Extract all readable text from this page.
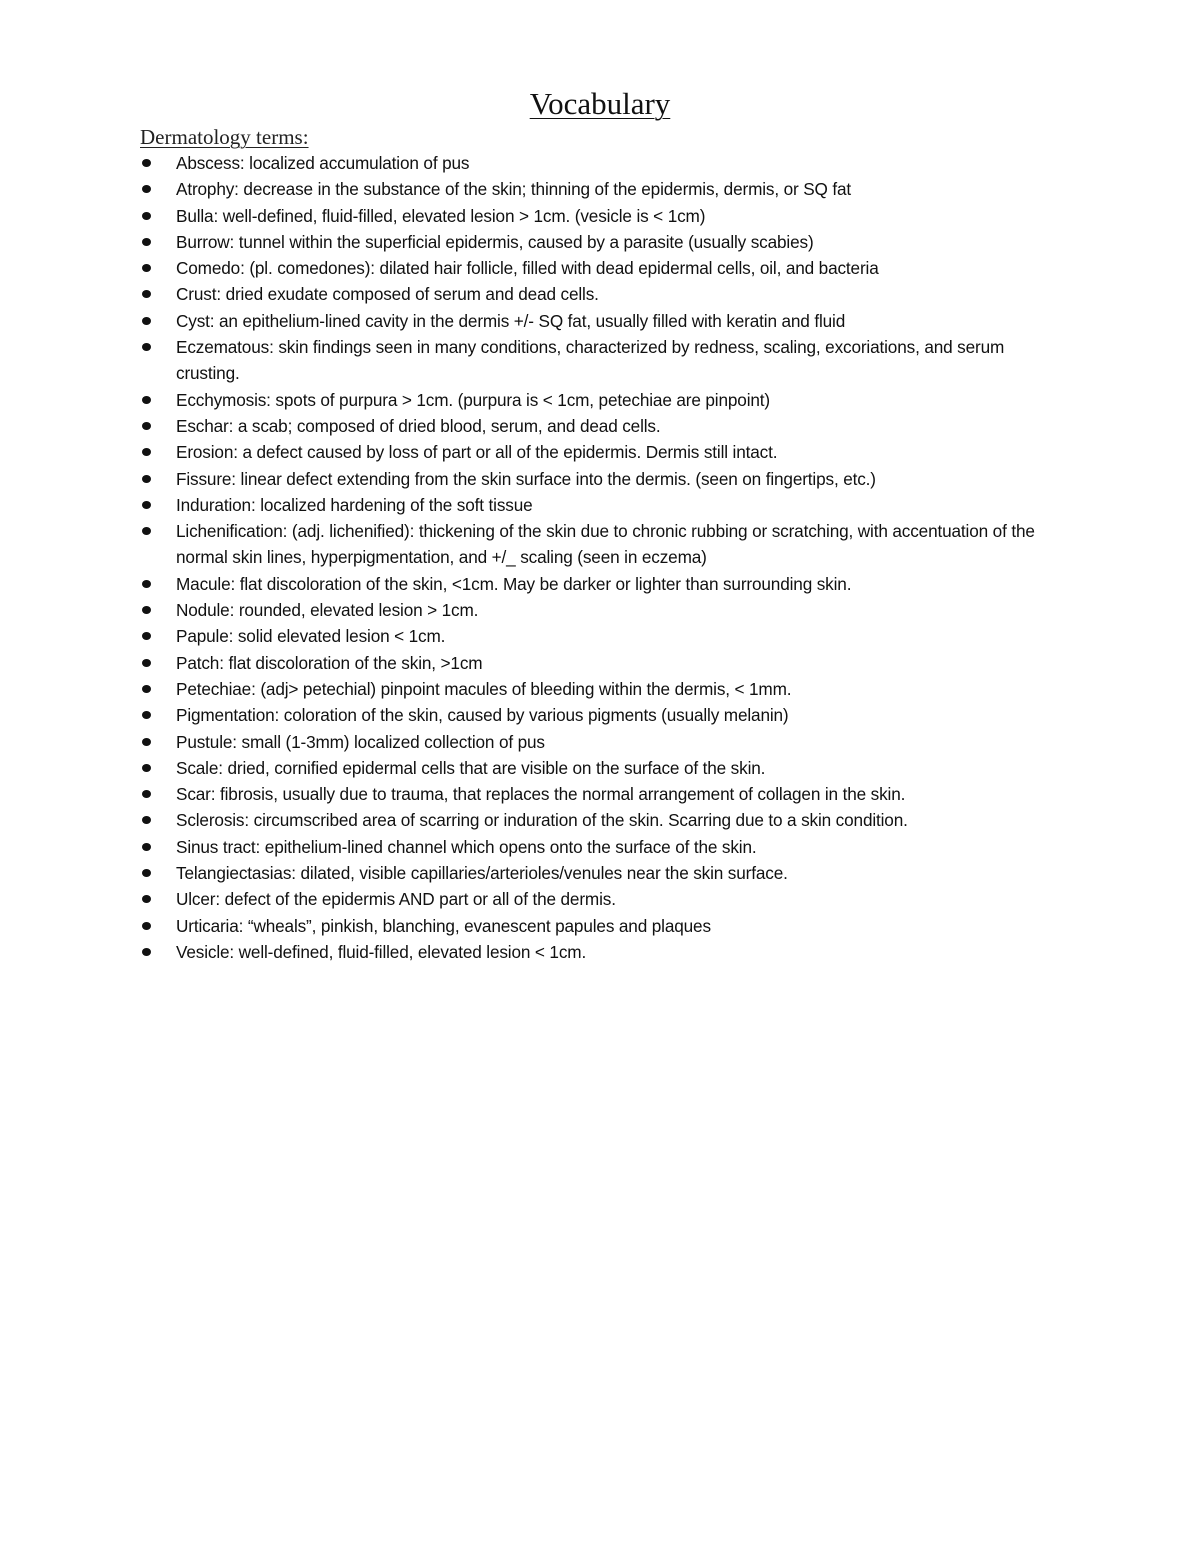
Vocabulary
Dermatology terms:
Abscess: localized accumulation of pus
Atrophy: decrease in the substance of the skin; thinning of the epidermis, dermis, or SQ fat
Bulla: well-defined, fluid-filled, elevated lesion > 1cm. (vesicle is < 1cm)
Burrow: tunnel within the superficial epidermis, caused by a parasite (usually scabies)
Comedo: (pl. comedones): dilated hair follicle, filled with dead epidermal cells, oil, and bacteria
Crust: dried exudate composed of serum and dead cells.
Cyst: an epithelium-lined cavity in the dermis +/- SQ fat, usually filled with keratin and fluid
Eczematous: skin findings seen in many conditions, characterized by redness, scaling, excoriations, and serum crusting.
Ecchymosis: spots of purpura > 1cm. (purpura is < 1cm, petechiae are pinpoint)
Eschar: a scab; composed of dried blood, serum, and dead cells.
Erosion: a defect caused by loss of part or all of the epidermis. Dermis still intact.
Fissure: linear defect extending from the skin surface into the dermis. (seen on fingertips, etc.)
Induration: localized hardening of the soft tissue
Lichenification: (adj. lichenified): thickening of the skin due to chronic rubbing or scratching, with accentuation of the normal skin lines, hyperpigmentation, and +/_ scaling (seen in eczema)
Macule: flat discoloration of the skin, <1cm. May be darker or lighter than surrounding skin.
Nodule: rounded, elevated lesion > 1cm.
Papule: solid elevated lesion < 1cm.
Patch: flat discoloration of the skin, >1cm
Petechiae: (adj> petechial) pinpoint macules of bleeding within the dermis, < 1mm.
Pigmentation: coloration of the skin, caused by various pigments (usually melanin)
Pustule: small (1-3mm) localized collection of pus
Scale: dried, cornified epidermal cells that are visible on the surface of the skin.
Scar: fibrosis, usually due to trauma, that replaces the normal arrangement of collagen in the skin.
Sclerosis: circumscribed area of scarring or induration of the skin. Scarring due to a skin condition.
Sinus tract: epithelium-lined channel which opens onto the surface of the skin.
Telangiectasias: dilated, visible capillaries/arterioles/venules near the skin surface.
Ulcer: defect of the epidermis AND part or all of the dermis.
Urticaria: “wheals”, pinkish, blanching, evanescent papules and plaques
Vesicle: well-defined, fluid-filled, elevated lesion < 1cm.
